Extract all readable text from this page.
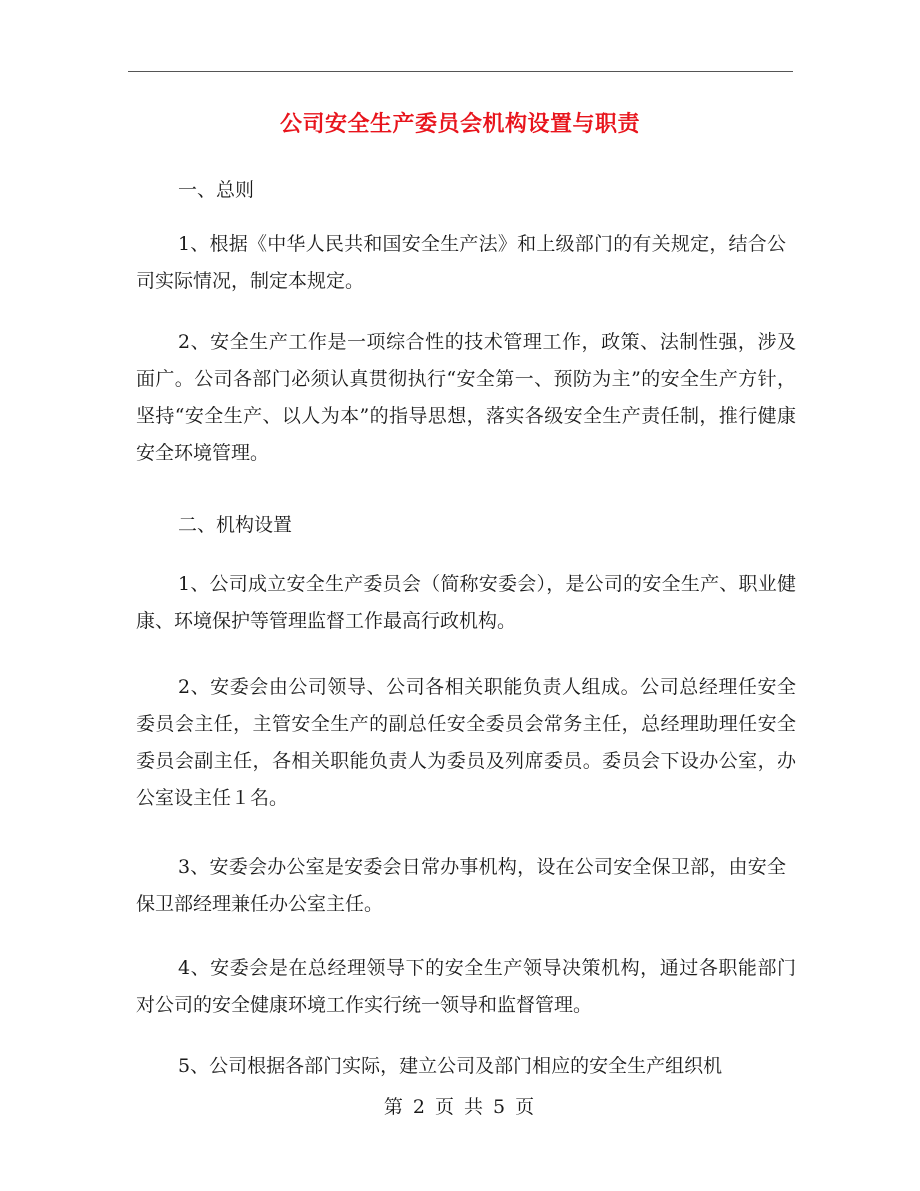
公司安全生产委员会机构设置与职责

一、总则

1、根据《中华人民共和国安全生产法》和上级部门的有关规定，结合公司实际情况，制定本规定。

2、安全生产工作是一项综合性的技术管理工作，政策、法制性强，涉及面广。公司各部门必须认真贯彻执行“安全第一、预防为主”的安全生产方针，坚持“安全生产、以人为本”的指导思想，落实各级安全生产责任制，推行健康安全环境管理。

二、机构设置

1、公司成立安全生产委员会（简称安委会），是公司的安全生产、职业健康、环境保护等管理监督工作最高行政机构。

2、安委会由公司领导、公司各相关职能负责人组成。公司总经理任安全委员会主任，主管安全生产的副总任安全委员会常务主任，总经理助理任安全委员会副主任，各相关职能负责人为委员及列席委员。委员会下设办公室，办公室设主任１名。

3、安委会办公室是安委会日常办事机构，设在公司安全保卫部，由安全保卫部经理兼任办公室主任。

4、安委会是在总经理领导下的安全生产领导决策机构，通过各职能部门对公司的安全健康环境工作实行统一领导和监督管理。

5、公司根据各部门实际，建立公司及部门相应的安全生产组织机

第 2 页 共 5 页
